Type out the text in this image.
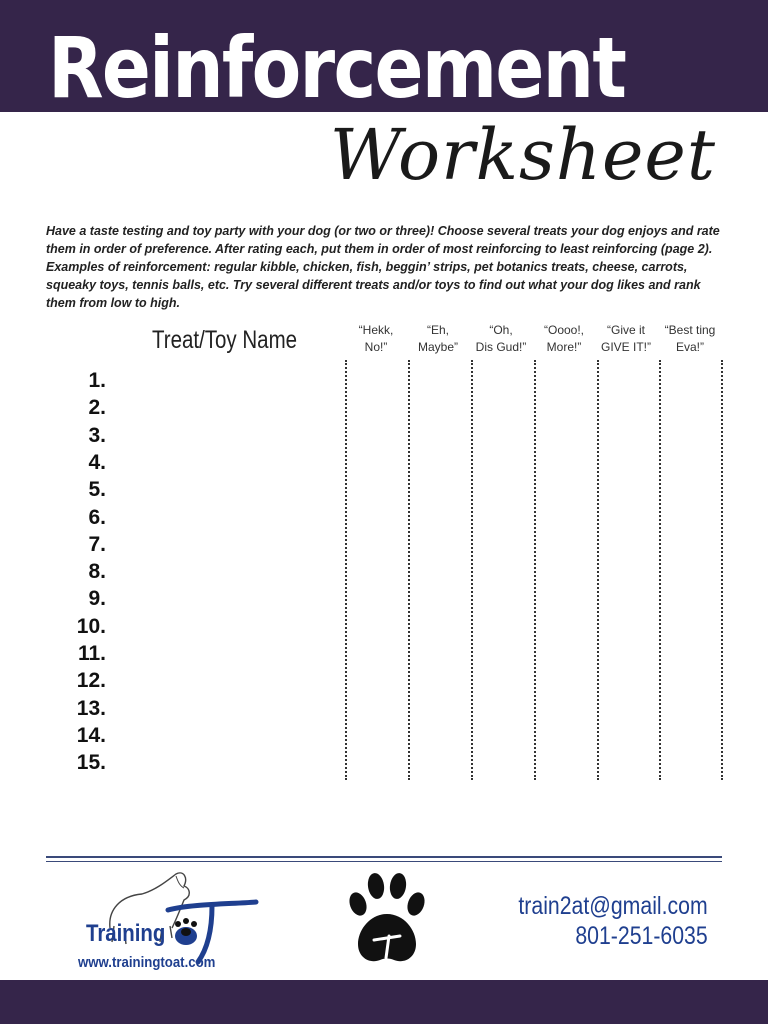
Reinforcement
Worksheet
Have a taste testing and toy party with your dog (or two or three)! Choose several treats your dog enjoys and rate them in order of preference. After rating each, put them in order of most reinforcing to least reinforcing (page 2). Examples of reinforcement: regular kibble, chicken, fish, beggin’ strips, pet botanics treats, cheese, carrots, squeaky toys, tennis balls, etc. Try several different treats and/or toys to find out what your dog likes and rank them from low to high.
Treat/Toy Name	“Hekk,
No!”
“Eh,
Maybe”
“Oh,
Dis Gud!”
“Oooo!,
More!”
“Give it
GIVE IT!”
“Best ting
Eva!”
1.
2.
3.
4.
5.
6.
7.
8.
9.
10.
11.
12.
13.
14.
15.
Training
www.trainingtoat.com
train2at@gmail.com
801-251-6035
